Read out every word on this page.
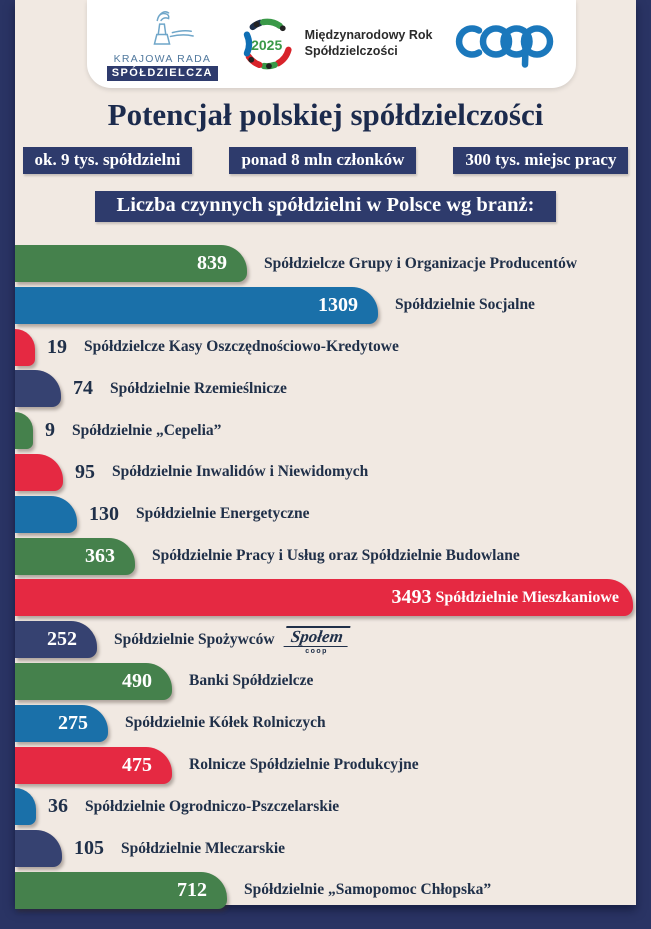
KRAJOWA RADA
SPÓŁDZIELCZA
2025
Międzynarodowy Rok
Spółdzielczości
Potencjał polskiej spółdzielczości
ok. 9 tys. spółdzielni	ponad 8 mln członków	300 tys. miejsc pracy
Liczba czynnych spółdzielni w Polsce wg branż:
839	Spółdzielcze Grupy i Organizacje Producentów
1309	Spółdzielnie Socjalne
19 Spółdzielcze Kasy Oszczędnościowo-Kredytowe
74 Spółdzielnie Rzemieślnicze
9 Spółdzielnie „Cepelia”
95 Spółdzielnie Inwalidów i Niewidomych
130 Spółdzielnie Energetyczne
363	Spółdzielnie Pracy i Usług oraz Spółdzielnie Budowlane
3493 Spółdzielnie Mieszkaniowe
252	Spółdzielnie Spożywców Społem
coop
490	Banki Spółdzielcze
275	Spółdzielnie Kółek Rolniczych
475	Rolnicze Spółdzielnie Produkcyjne
36 Spółdzielnie Ogrodniczo-Pszczelarskie
105 Spółdzielnie Mleczarskie
712	Spółdzielnie „Samopomoc Chłopska”
